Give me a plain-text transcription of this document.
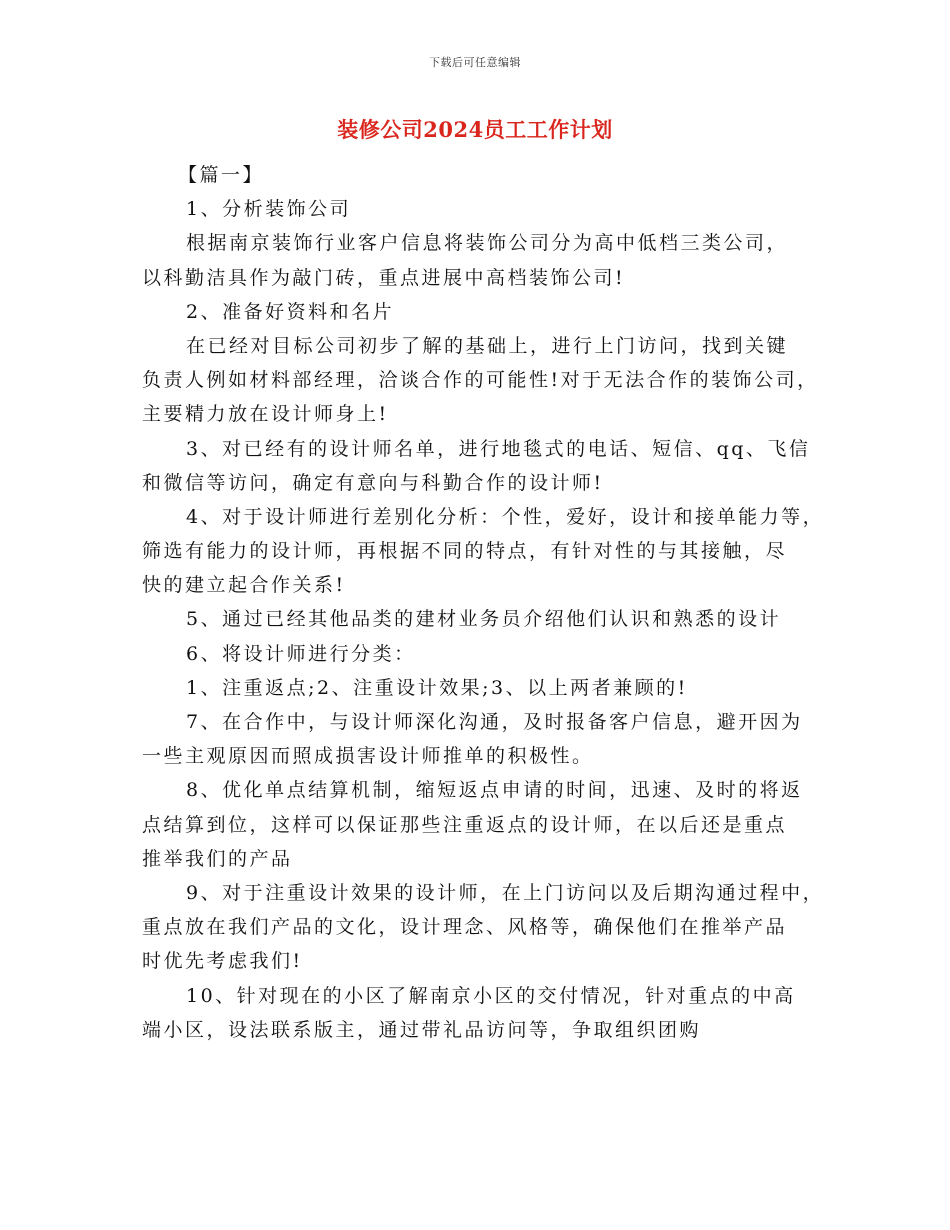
下载后可任意编辑
装修公司2024员工工作计划
【篇一】
1、分析装饰公司
根据南京装饰行业客户信息将装饰公司分为高中低档三类公司，
以科勤洁具作为敲门砖，重点进展中高档装饰公司!
2、准备好资料和名片
在已经对目标公司初步了解的基础上，进行上门访问，找到关键
负责人例如材料部经理，洽谈合作的可能性!对于无法合作的装饰公司，
主要精力放在设计师身上!
3、对已经有的设计师名单，进行地毯式的电话、短信、qq、飞信
和微信等访问，确定有意向与科勤合作的设计师!
4、对于设计师进行差别化分析：个性，爱好，设计和接单能力等，
筛选有能力的设计师，再根据不同的特点，有针对性的与其接触，尽
快的建立起合作关系!
5、通过已经其他品类的建材业务员介绍他们认识和熟悉的设计
6、将设计师进行分类：
1、注重返点;2、注重设计效果;3、以上两者兼顾的!
7、在合作中，与设计师深化沟通，及时报备客户信息，避开因为
一些主观原因而照成损害设计师推单的积极性。
8、优化单点结算机制，缩短返点申请的时间，迅速、及时的将返
点结算到位，这样可以保证那些注重返点的设计师，在以后还是重点
推举我们的产品
9、对于注重设计效果的设计师，在上门访问以及后期沟通过程中，
重点放在我们产品的文化，设计理念、风格等，确保他们在推举产品
时优先考虑我们!
10、针对现在的小区了解南京小区的交付情况，针对重点的中高
端小区，设法联系版主，通过带礼品访问等，争取组织团购
